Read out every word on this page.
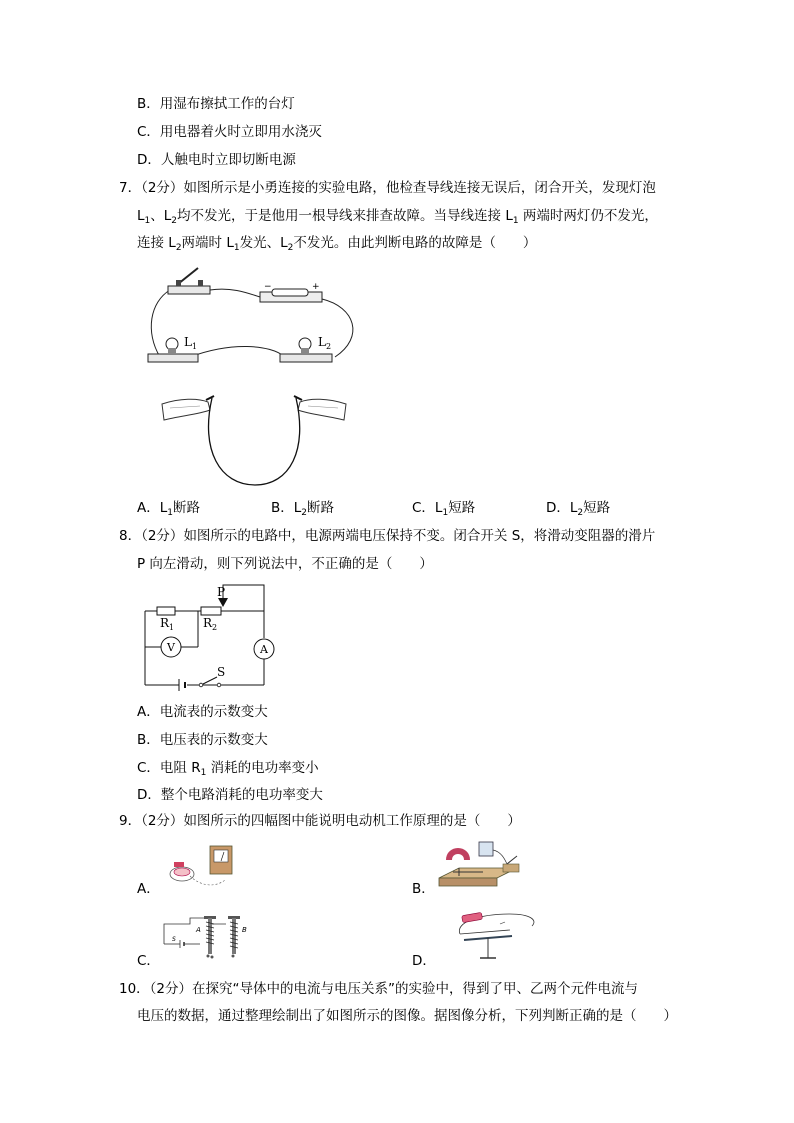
B．用湿布擦拭工作的台灯
C．用电器着火时立即用水浇灭
D．人触电时立即切断电源
7．（2分）如图所示是小勇连接的实验电路，他检查导线连接无误后，闭合开关，发现灯泡
$L_1$、$L_2$均不发光，于是他用一根导线来排查故障。当导线连接 $L_1$ 两端时两灯仍不发光，
连接 $L_2$两端时 $L_1$发光、$L_2$不发光。由此判断电路的故障是（　　）
−	+
$L_1$	$L_2$
A．$L_1$断路	B．$L_2$断路	C．$L_1$短路	D．$L_2$短路
8．（2分）如图所示的电路中，电源两端电压保持不变。闭合开关 S，将滑动变阻器的滑片
P 向左滑动，则下列说法中，不正确的是（　　）
P
$R_1$ $R_2$
V	A
S
A．电流表的示数变大
B．电压表的示数变大
C．电阻 $R_1$ 消耗的电功率变小
D．整个电路消耗的电功率变大
9．（2分）如图所示的四幅图中能说明电动机工作原理的是（　　）
A．	B．
C．
S
A	B
D．
10．（2分）在探究“导体中的电流与电压关系”的实验中，得到了甲、乙两个元件电流与
电压的数据，通过整理绘制出了如图所示的图像。据图像分析，下列判断正确的是（　　）
